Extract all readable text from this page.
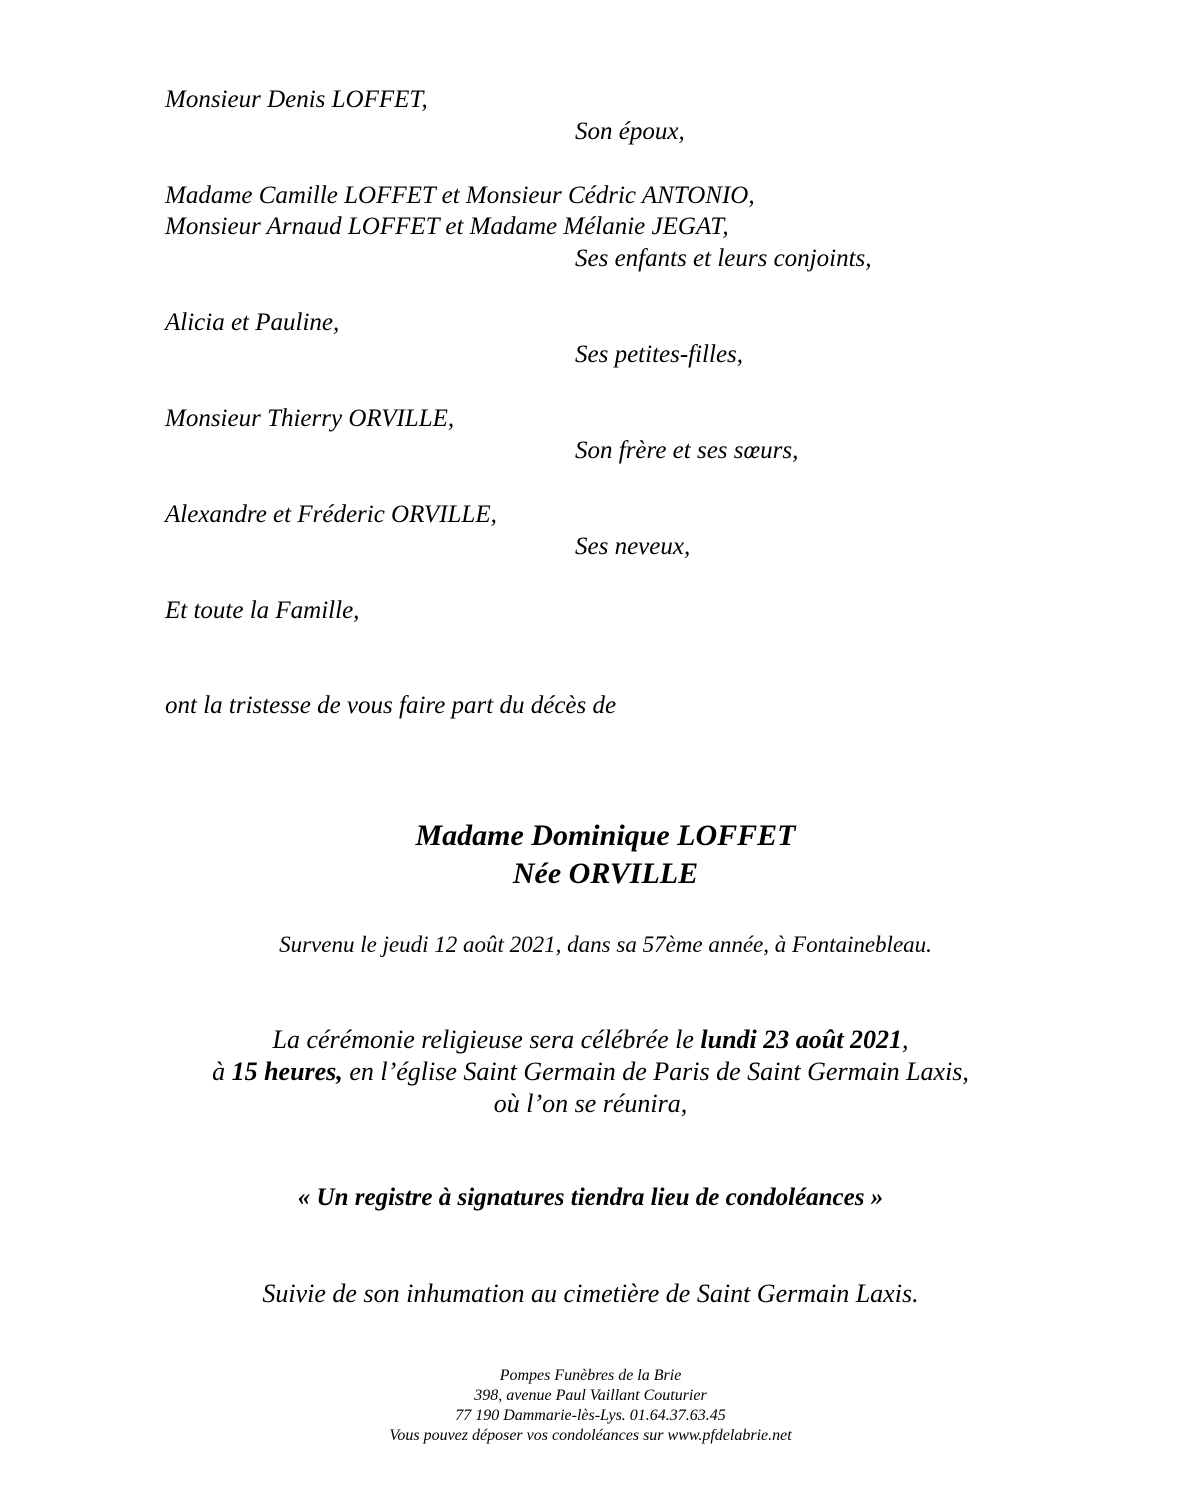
Monsieur Denis LOFFET,
Son époux,
Madame Camille LOFFET et Monsieur Cédric ANTONIO,
Monsieur Arnaud LOFFET et Madame Mélanie JEGAT,
Ses enfants et leurs conjoints,
Alicia et Pauline,
Ses petites-filles,
Monsieur Thierry ORVILLE,
Son frère et ses sœurs,
Alexandre et Fréderic ORVILLE,
Ses neveux,
Et toute la Famille,
ont la tristesse de vous faire part du décès de
Madame Dominique LOFFET
Née ORVILLE
Survenu le jeudi 12 août 2021, dans sa 57ème année, à Fontainebleau.
La cérémonie religieuse sera célébrée le lundi 23 août 2021,
à 15 heures, en l’église Saint Germain de Paris de Saint Germain Laxis,
où l’on se réunira,
« Un registre à signatures tiendra lieu de condoléances »
Suivie de son inhumation au cimetière de Saint Germain Laxis.
Pompes Funèbres de la Brie
398, avenue Paul Vaillant Couturier
77 190 Dammarie-lès-Lys. 01.64.37.63.45
Vous pouvez déposer vos condoléances sur www.pfdelabrie.net
